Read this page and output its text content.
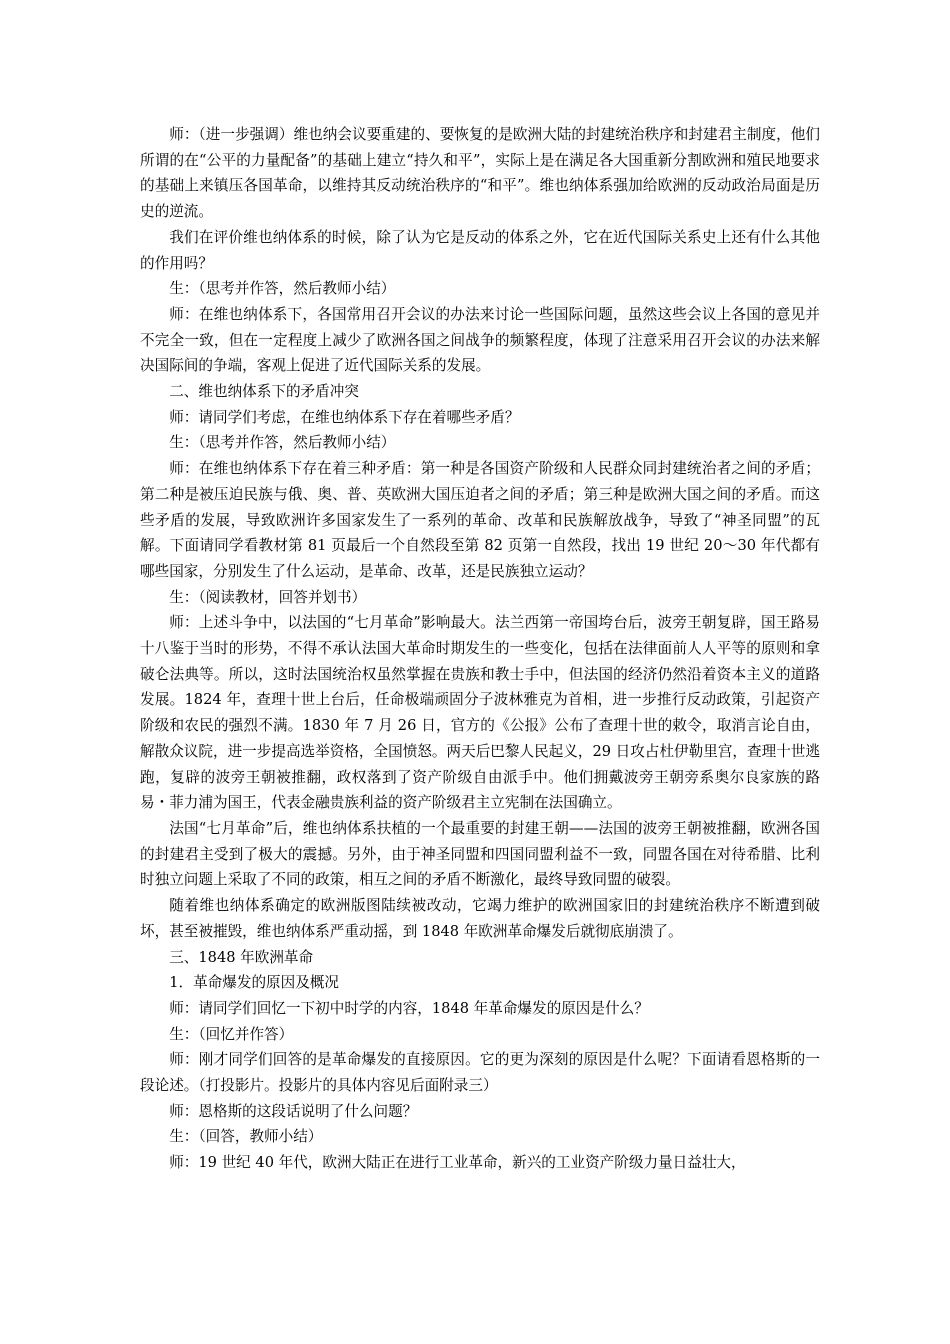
师：（进一步强调）维也纳会议要重建的、要恢复的是欧洲大陆的封建统治秩序和封建君主制度，他们所谓的在“公平的力量配备”的基础上建立“持久和平”，实际上是在满足各大国重新分割欧洲和殖民地要求的基础上来镇压各国革命，以维持其反动统治秩序的“和平”。维也纳体系强加给欧洲的反动政治局面是历史的逆流。

我们在评价维也纳体系的时候，除了认为它是反动的体系之外，它在近代国际关系史上还有什么其他的作用吗？

生：（思考并作答，然后教师小结）

师：在维也纳体系下，各国常用召开会议的办法来讨论一些国际问题，虽然这些会议上各国的意见并不完全一致，但在一定程度上减少了欧洲各国之间战争的频繁程度，体现了注意采用召开会议的办法来解决国际间的争端，客观上促进了近代国际关系的发展。

二、维也纳体系下的矛盾冲突

师：请同学们考虑，在维也纳体系下存在着哪些矛盾？

生：（思考并作答，然后教师小结）

师：在维也纳体系下存在着三种矛盾：第一种是各国资产阶级和人民群众同封建统治者之间的矛盾；第二种是被压迫民族与俄、奥、普、英欧洲大国压迫者之间的矛盾；第三种是欧洲大国之间的矛盾。而这些矛盾的发展，导致欧洲许多国家发生了一系列的革命、改革和民族解放战争，导致了“神圣同盟”的瓦解。下面请同学看教材第 81 页最后一个自然段至第 82 页第一自然段，找出 19 世纪 20～30 年代都有哪些国家，分别发生了什么运动，是革命、改革，还是民族独立运动？

生：（阅读教材，回答并划书）

师：上述斗争中，以法国的“七月革命”影响最大。法兰西第一帝国垮台后，波旁王朝复辟，国王路易十八鉴于当时的形势，不得不承认法国大革命时期发生的一些变化，包括在法律面前人人平等的原则和拿破仑法典等。所以，这时法国统治权虽然掌握在贵族和教士手中，但法国的经济仍然沿着资本主义的道路发展。1824 年，查理十世上台后，任命极端顽固分子波林雅克为首相，进一步推行反动政策，引起资产阶级和农民的强烈不满。1830 年 7 月 26 日，官方的《公报》公布了查理十世的敕令，取消言论自由，解散众议院，进一步提高选举资格，全国愤怒。两天后巴黎人民起义，29 日攻占杜伊勒里宫，查理十世逃跑，复辟的波旁王朝被推翻，政权落到了资产阶级自由派手中。他们拥戴波旁王朝旁系奥尔良家族的路易・菲力浦为国王，代表金融贵族利益的资产阶级君主立宪制在法国确立。

法国“七月革命”后，维也纳体系扶植的一个最重要的封建王朝——法国的波旁王朝被推翻，欧洲各国的封建君主受到了极大的震撼。另外，由于神圣同盟和四国同盟利益不一致，同盟各国在对待希腊、比利时独立问题上采取了不同的政策，相互之间的矛盾不断激化，最终导致同盟的破裂。

随着维也纳体系确定的欧洲版图陆续被改动，它竭力维护的欧洲国家旧的封建统治秩序不断遭到破坏，甚至被摧毁，维也纳体系严重动摇，到 1848 年欧洲革命爆发后就彻底崩溃了。

三、1848 年欧洲革命

1．革命爆发的原因及概况

师：请同学们回忆一下初中时学的内容，1848 年革命爆发的原因是什么？

生：（回忆并作答）

师：刚才同学们回答的是革命爆发的直接原因。它的更为深刻的原因是什么呢？下面请看恩格斯的一段论述。（打投影片。投影片的具体内容见后面附录三）

师：恩格斯的这段话说明了什么问题？

生：（回答，教师小结）

师：19 世纪 40 年代，欧洲大陆正在进行工业革命，新兴的工业资产阶级力量日益壮大，
